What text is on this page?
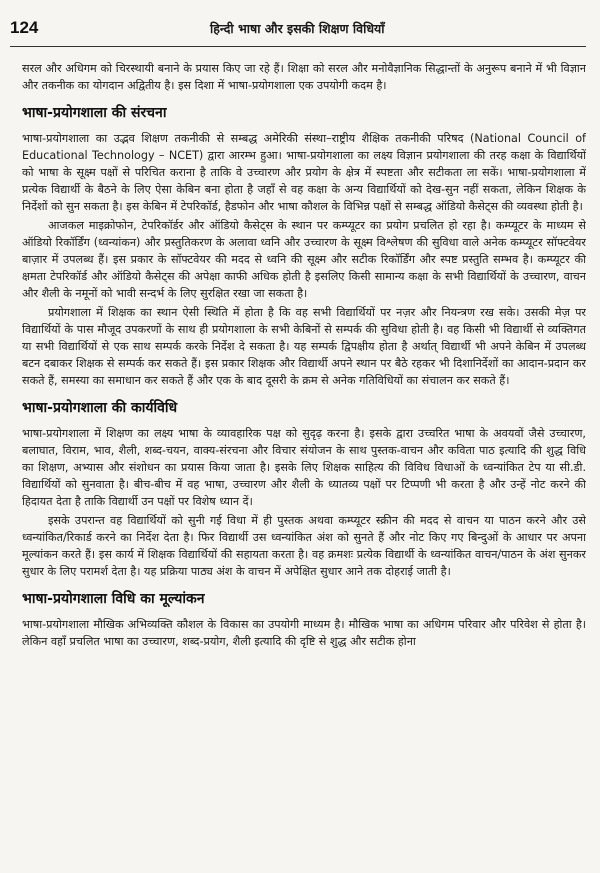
124	हिन्दी भाषा और इसकी शिक्षण विधियाँ

सरल और अधिगम को चिरस्थायी बनाने के प्रयास किए जा रहे हैं। शिक्षा को सरल और मनोवैज्ञानिक सिद्धान्तों के अनुरूप बनाने में भी विज्ञान और तकनीक का योगदान अद्वितीय है। इस दिशा में भाषा-प्रयोगशाला एक उपयोगी कदम है।

भाषा-प्रयोगशाला की संरचना

भाषा-प्रयोगशाला का उद्भव शिक्षण तकनीकी से सम्बद्ध अमेरिकी संस्था–राष्ट्रीय शैक्षिक तकनीकी परिषद (National Council of Educational Technology – NCET) द्वारा आरम्भ हुआ। भाषा-प्रयोगशाला का लक्ष्य विज्ञान प्रयोगशाला की तरह कक्षा के विद्यार्थियों को भाषा के सूक्ष्म पक्षों से परिचित कराना है ताकि वे उच्चारण और प्रयोग के क्षेत्र में स्पष्टता और सटीकता ला सकें। भाषा-प्रयोगशाला में प्रत्येक विद्यार्थी के बैठने के लिए ऐसा केबिन बना होता है जहाँ से वह कक्षा के अन्य विद्यार्थियों को देख-सुन नहीं सकता, लेकिन शिक्षक के निर्देशों को सुन सकता है। इस केबिन में टेपरिकॉर्ड, हैडफोन और भाषा कौशल के विभिन्न पक्षों से सम्बद्ध ऑडियो कैसेट्स की व्यवस्था होती है।

आजकल माइक्रोफोन, टेपरिकॉर्डर और ऑडियो कैसेट्स के स्थान पर कम्प्यूटर का प्रयोग प्रचलित हो रहा है। कम्प्यूटर के माध्यम से ऑडियो रिकॉर्डिंग (ध्वन्यांकन) और प्रस्तुतिकरण के अलावा ध्वनि और उच्चारण के सूक्ष्म विश्लेषण की सुविधा वाले अनेक कम्प्यूटर सॉफ्टवेयर बाज़ार में उपलब्ध हैं। इस प्रकार के सॉफ्टवेयर की मदद से ध्वनि की सूक्ष्म और सटीक रिकॉर्डिंग और स्पष्ट प्रस्तुति सम्भव है। कम्प्यूटर की क्षमता टेपरिकॉर्ड और ऑडियो कैसेट्स की अपेक्षा काफी अधिक होती है इसलिए किसी सामान्य कक्षा के सभी विद्यार्थियों के उच्चारण, वाचन और शैली के नमूनों को भावी सन्दर्भ के लिए सुरक्षित रखा जा सकता है।

प्रयोगशाला में शिक्षक का स्थान ऐसी स्थिति में होता है कि वह सभी विद्यार्थियों पर नज़र और नियन्त्रण रख सके। उसकी मेज़ पर विद्यार्थियों के पास मौजूद उपकरणों के साथ ही प्रयोगशाला के सभी केबिनों से सम्पर्क की सुविधा होती है। वह किसी भी विद्यार्थी से व्यक्तिगत या सभी विद्यार्थियों से एक साथ सम्पर्क करके निर्देश दे सकता है। यह सम्पर्क द्विपक्षीय होता है अर्थात् विद्यार्थी भी अपने केबिन में उपलब्ध बटन दबाकर शिक्षक से सम्पर्क कर सकते हैं। इस प्रकार शिक्षक और विद्यार्थी अपने स्थान पर बैठे रहकर भी दिशानिर्देशों का आदान-प्रदान कर सकते हैं, समस्या का समाधान कर सकते हैं और एक के बाद दूसरी के क्रम से अनेक गतिविधियों का संचालन कर सकते हैं।

भाषा-प्रयोगशाला की कार्यविधि

भाषा-प्रयोगशाला में शिक्षण का लक्ष्य भाषा के व्यावहारिक पक्ष को सुदृढ़ करना है। इसके द्वारा उच्चरित भाषा के अवयवों जैसे उच्चारण, बलाघात, विराम, भाव, शैली, शब्द-चयन, वाक्य-संरचना और विचार संयोजन के साथ पुस्तक-वाचन और कविता पाठ इत्यादि की शुद्ध विधि का शिक्षण, अभ्यास और संशोधन का प्रयास किया जाता है। इसके लिए शिक्षक साहित्य की विविध विधाओं के ध्वन्यांकित टेप या सी.डी. विद्यार्थियों को सुनवाता है। बीच-बीच में वह भाषा, उच्चारण और शैली के ध्यातव्य पक्षों पर टिप्पणी भी करता है और उन्हें नोट करने की हिदायत देता है ताकि विद्यार्थी उन पक्षों पर विशेष ध्यान दें।

इसके उपरान्त वह विद्यार्थियों को सुनी गई विधा में ही पुस्तक अथवा कम्प्यूटर स्क्रीन की मदद से वाचन या पाठन करने और उसे ध्वन्यांकित/रिकार्ड करने का निर्देश देता है। फिर विद्यार्थी उस ध्वन्यांकित अंश को सुनते हैं और नोट किए गए बिन्दुओं के आधार पर अपना मूल्यांकन करते हैं। इस कार्य में शिक्षक विद्यार्थियों की सहायता करता है। वह क्रमशः प्रत्येक विद्यार्थी के ध्वन्यांकित वाचन/पाठन के अंश सुनकर सुधार के लिए परामर्श देता है। यह प्रक्रिया पाठ्य अंश के वाचन में अपेक्षित सुधार आने तक दोहराई जाती है।

भाषा-प्रयोगशाला विधि का मूल्यांकन

भाषा-प्रयोगशाला मौखिक अभिव्यक्ति कौशल के विकास का उपयोगी माध्यम है। मौखिक भाषा का अधिगम परिवार और परिवेश से होता है। लेकिन वहाँ प्रचलित भाषा का उच्चारण, शब्द-प्रयोग, शैली इत्यादि की दृष्टि से शुद्ध और सटीक होना
